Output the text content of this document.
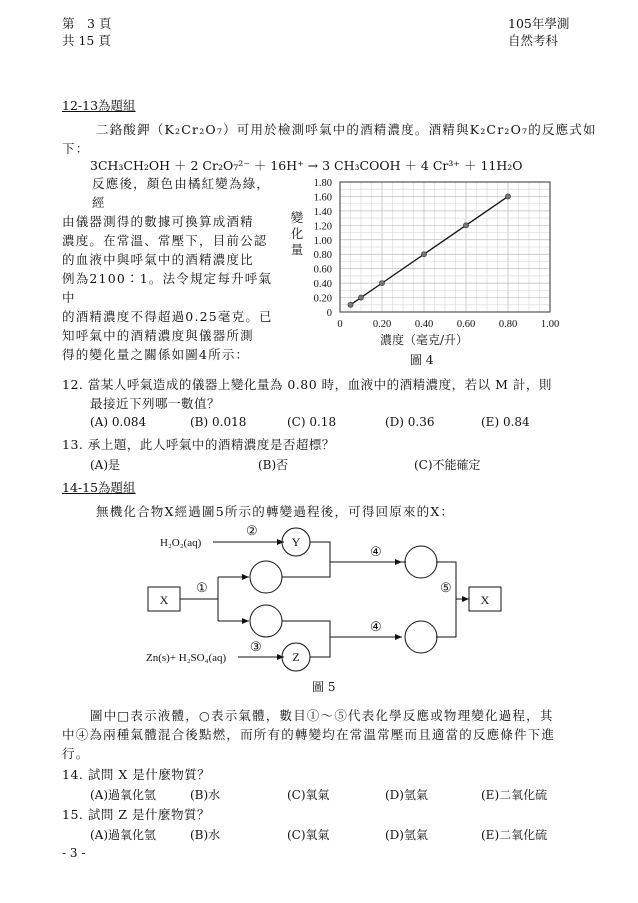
第　3 頁
共 15 頁
105年學測
自然考科
12-13為題組
二鉻酸鉀（K₂Cr₂O₇）可用於檢測呼氣中的酒精濃度。酒精與K₂Cr₂O₇的反應式如
下：
3CH₃CH₂OH ＋ 2 Cr₂O₇²⁻ ＋ 16H⁺ → 3 CH₃COOH ＋ 4 Cr³⁺ ＋ 11H₂O
反應後，顏色由橘紅變為綠，經
由儀器測得的數據可換算成酒精
濃度。在常溫、常壓下，目前公認
的血液中與呼氣中的酒精濃度比
例為2100∶1。法令規定每升呼氣中
的酒精濃度不得超過0.25毫克。已
知呼氣中的酒精濃度與儀器所測
得的變化量之關係如圖4所示：
0
0.20
0.40
0.60
0.80
1.00
1.20
1.40
1.60
1.80
0	0.20 0.40 0.60 0.80 1.00
變化量
濃度（毫克/升）
圖 4
12. 當某人呼氣造成的儀器上變化量為 0.80 時，血液中的酒精濃度，若以 M 計，則
最接近下列哪一數值？
(A) 0.084	(B) 0.018	(C) 0.18	(D) 0.36	(E) 0.84
13. 承上題，此人呼氣中的酒精濃度是否超標？
(A)是	(B)否	(C)不能確定
14-15為題組
無機化合物X經過圖5所示的轉變過程後，可得回原來的X：
X	X
Y
Z
H₂O₂(aq)
Zn(s)+ H₂SO₄(aq)
①
②
③
④
④
⑤
圖 5
圖中□表示液體，○表示氣體，數目①～⑤代表化學反應或物理變化過程，其
中④為兩種氣體混合後點燃，而所有的轉變均在常溫常壓而且適當的反應條件下進
行。
14. 試問 X 是什麼物質？
(A)過氧化氫	(B)水	(C)氧氣	(D)氫氣	(E)二氧化硫
15. 試問 Z 是什麼物質？
(A)過氧化氫	(B)水	(C)氧氣	(D)氫氣	(E)二氧化硫
- 3 -
